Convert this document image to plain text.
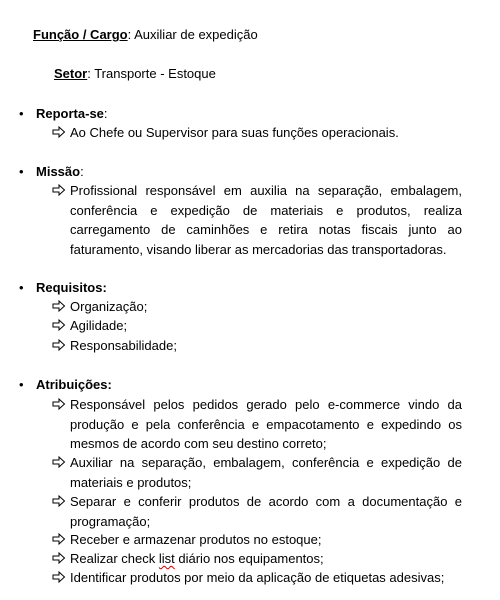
Função / Cargo: Auxiliar de expedição
Setor: Transporte - Estoque
• Reporta-se:
Ao Chefe ou Supervisor para suas funções operacionais.
• Missão:
Profissional responsável em auxilia na separação, embalagem, conferência e expedição de materiais e produtos, realiza carregamento de caminhões e retira notas fiscais junto ao faturamento, visando liberar as mercadorias das transportadoras.
• Requisitos:
Organização;
Agilidade;
Responsabilidade;
• Atribuições:
Responsável pelos pedidos gerado pelo e-commerce vindo da produção e pela conferência e empacotamento e expedindo os mesmos de acordo com seu destino correto;
Auxiliar na separação, embalagem, conferência e expedição de materiais e produtos;
Separar e conferir produtos de acordo com a documentação e programação;
Receber e armazenar produtos no estoque;
Realizar check list diário nos equipamentos;
Identificar produtos por meio da aplicação de etiquetas adesivas;
